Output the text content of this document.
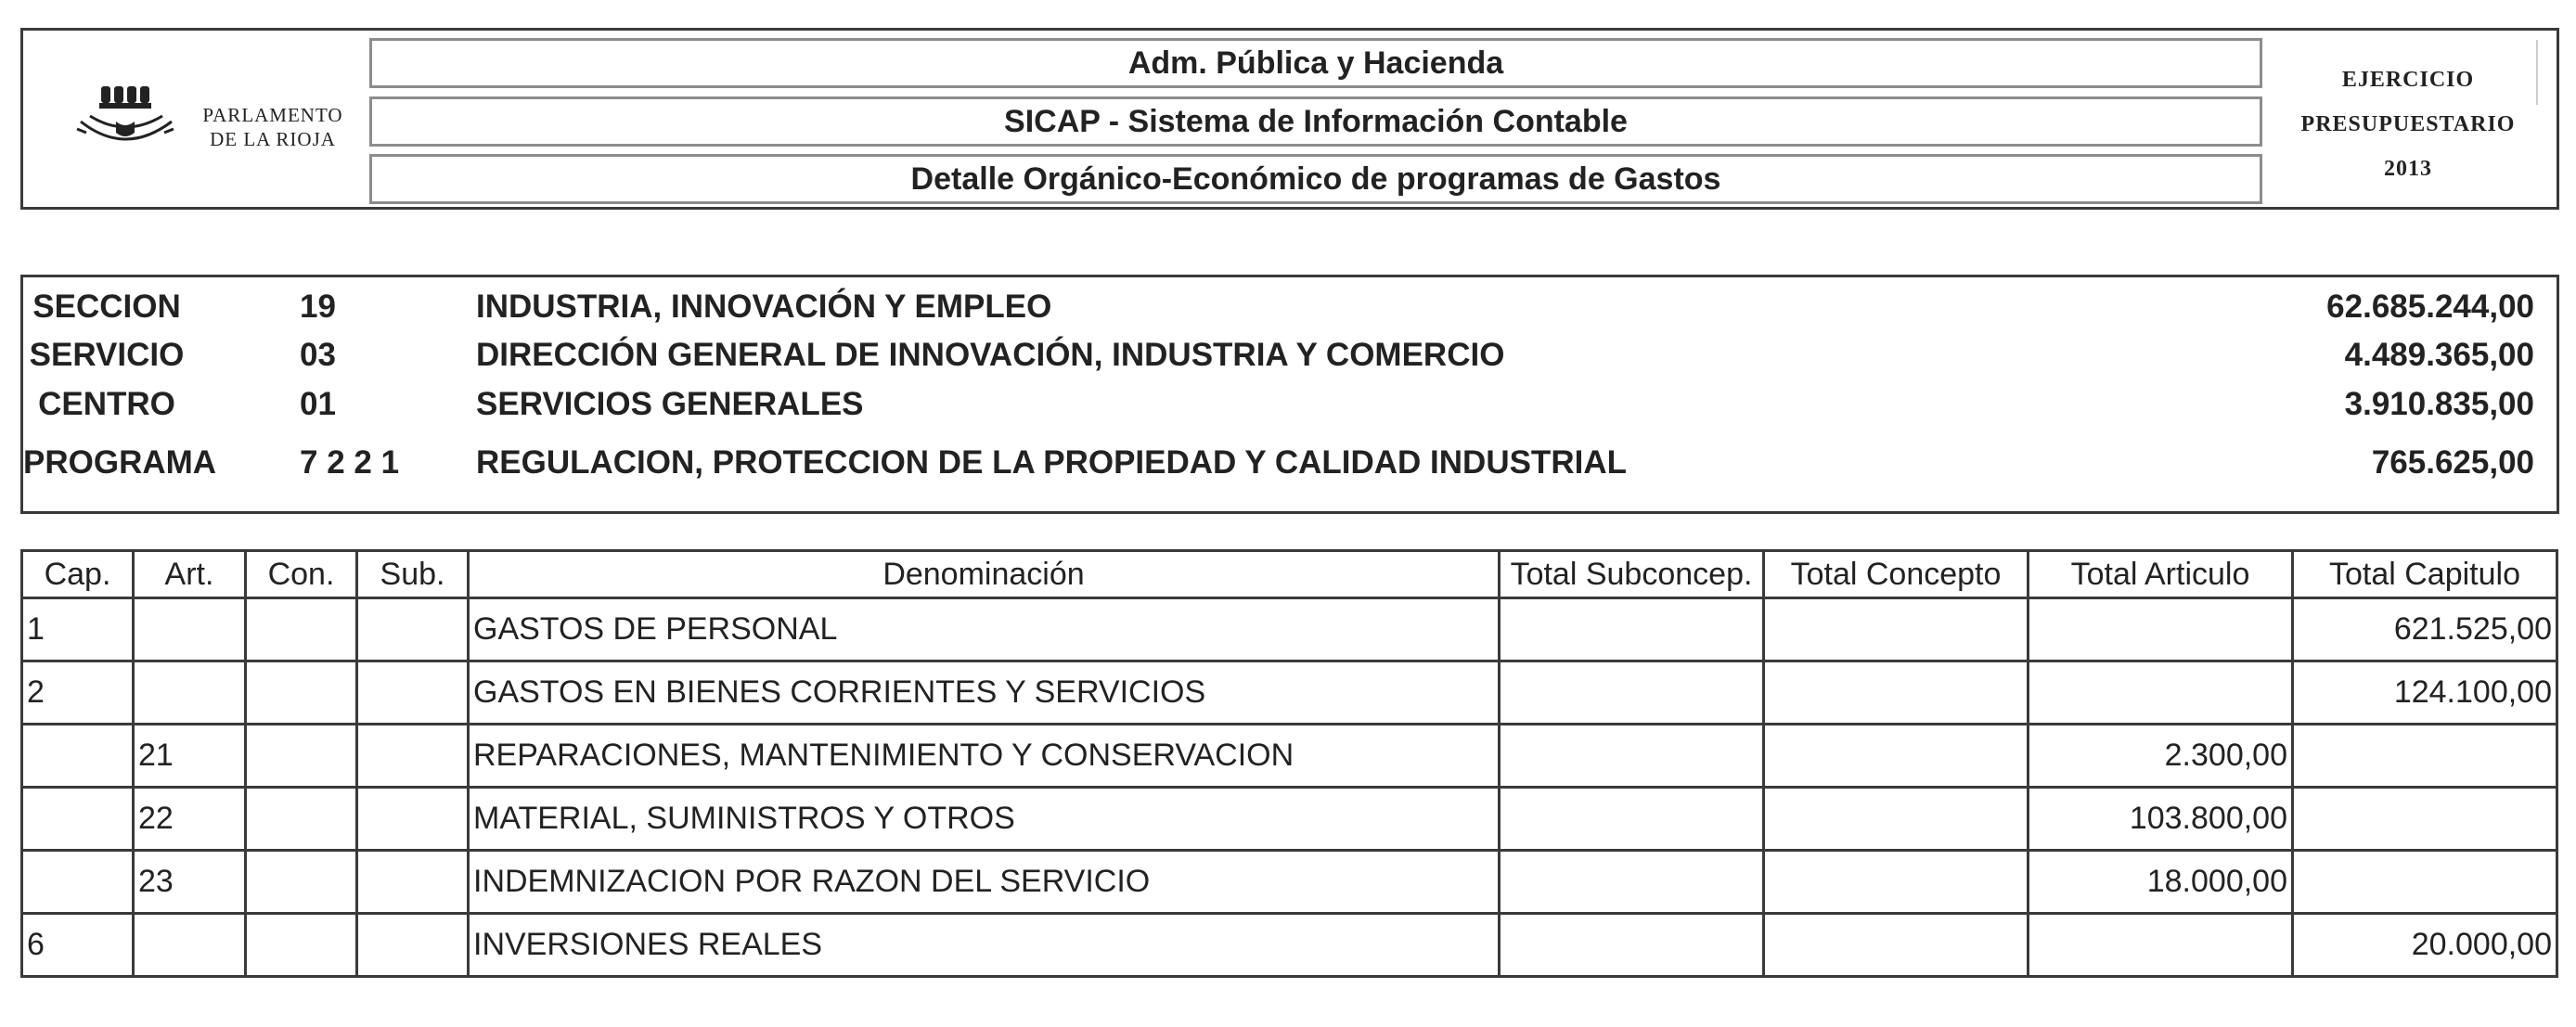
PARLAMENTO
DE LA RIOJA
Adm. Pública y Hacienda
SICAP - Sistema de Información Contable
Detalle Orgánico-Económico de programas de Gastos
EJERCICIO
PRESUPUESTARIO
2013
SECCION	19	INDUSTRIA, INNOVACIÓN Y EMPLEO	62.685.244,00
SERVICIO	03	DIRECCIÓN GENERAL DE INNOVACIÓN, INDUSTRIA Y COMERCIO	4.489.365,00
CENTRO	01	SERVICIOS GENERALES	3.910.835,00
PROGRAMA	7 2 2 1	REGULACION, PROTECCION DE LA PROPIEDAD Y CALIDAD INDUSTRIAL	765.625,00
Cap.	Art.	Con.	Sub.	Denominación	Total Subconcep.	Total Concepto	Total Articulo	Total Capitulo
1				GASTOS DE PERSONAL				621.525,00
2				GASTOS EN BIENES CORRIENTES Y SERVICIOS				124.100,00
	21			REPARACIONES, MANTENIMIENTO Y CONSERVACION			2.300,00	
	22			MATERIAL, SUMINISTROS Y OTROS			103.800,00	
	23			INDEMNIZACION POR RAZON DEL SERVICIO			18.000,00	
6				INVERSIONES REALES				20.000,00
